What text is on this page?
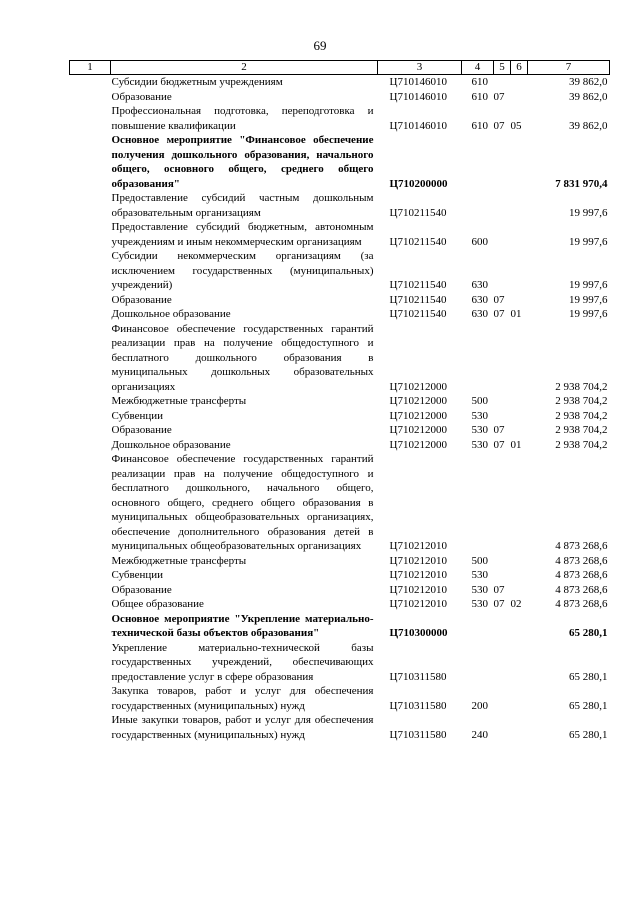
69
1	2	3	4	5	6	7
	Субсидии бюджетным учреждениям	Ц710146010	610			39 862,0
	Образование	Ц710146010	610	07		39 862,0
	Профессиональная подготовка, переподготовка и повышение квалификации	Ц710146010	610	07	05	39 862,0
	Основное мероприятие "Финансовое обеспечение получения дошкольного образования, начального общего, основного общего, среднего общего образования"	Ц710200000				7 831 970,4
	Предоставление субсидий частным дошкольным образовательным организациям	Ц710211540				19 997,6
	Предоставление субсидий бюджетным, автономным учреждениям и иным некоммерческим организациям	Ц710211540	600			19 997,6
	Субсидии некоммерческим организациям (за исключением государственных (муниципальных) учреждений)	Ц710211540	630			19 997,6
	Образование	Ц710211540	630	07		19 997,6
	Дошкольное образование	Ц710211540	630	07	01	19 997,6
	Финансовое обеспечение государственных гарантий реализации прав на получение общедоступного и бесплатного дошкольного образования в муниципальных дошкольных образовательных организациях	Ц710212000				2 938 704,2
	Межбюджетные трансферты	Ц710212000	500			2 938 704,2
	Субвенции	Ц710212000	530			2 938 704,2
	Образование	Ц710212000	530	07		2 938 704,2
	Дошкольное образование	Ц710212000	530	07	01	2 938 704,2
	Финансовое обеспечение государственных гарантий реализации прав на получение общедоступного и бесплатного дошкольного, начального общего, основного общего, среднего общего образования в муниципальных общеобразовательных организациях, обеспечение дополнительного образования детей в муниципальных общеобразовательных организациях	Ц710212010				4 873 268,6
	Межбюджетные трансферты	Ц710212010	500			4 873 268,6
	Субвенции	Ц710212010	530			4 873 268,6
	Образование	Ц710212010	530	07		4 873 268,6
	Общее образование	Ц710212010	530	07	02	4 873 268,6
	Основное мероприятие "Укрепление материально-технической базы объектов образования"	Ц710300000				65 280,1
	Укрепление материально-технической базы государственных учреждений, обеспечивающих предоставление услуг в сфере образования	Ц710311580				65 280,1
	Закупка товаров, работ и услуг для обеспечения государственных (муниципальных) нужд	Ц710311580	200			65 280,1
	Иные закупки товаров, работ и услуг для обеспечения государственных (муниципальных) нужд	Ц710311580	240			65 280,1
